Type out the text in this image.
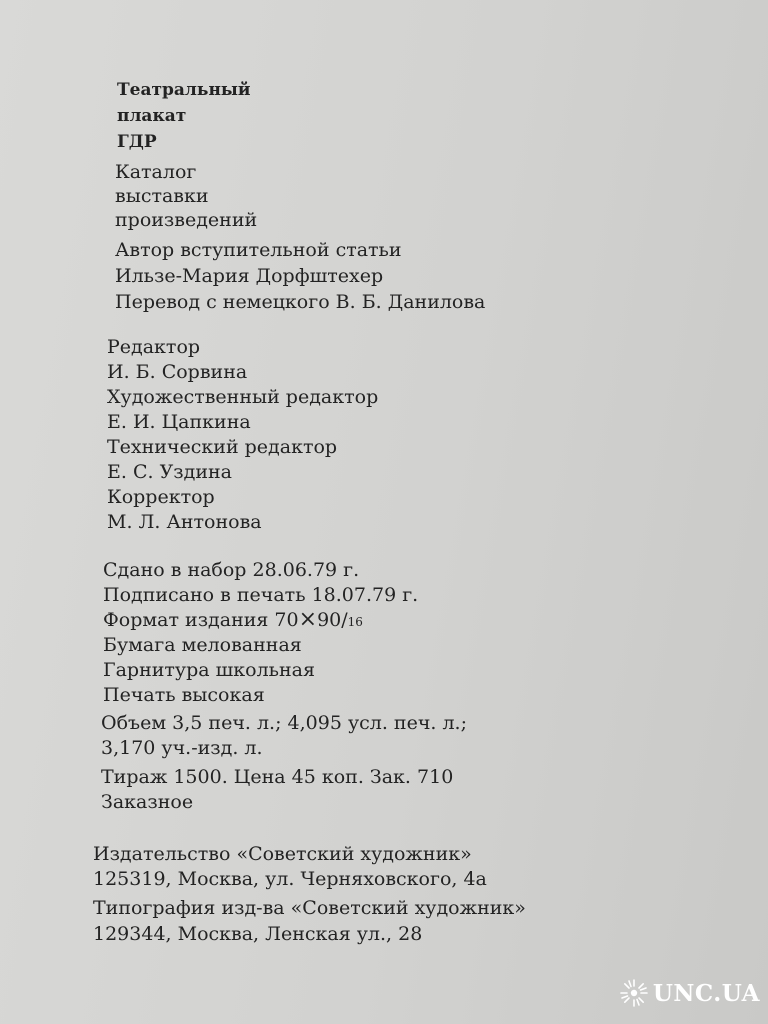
Театральный
плакат
ГДР
Каталог
выставки
произведений
Автор вступительной статьи
Ильзе-Мария Дорфштехер
Перевод с немецкого В. Б. Данилова
Редактор
И. Б. Сорвина
Художественный редактор
Е. И. Цапкина
Технический редактор
Е. С. Уздина
Корректор
М. Л. Антонова
Сдано в набор 28.06.79 г.
Подписано в печать 18.07.79 г.
Формат издания 70×90/16
Бумага мелованная
Гарнитура школьная
Печать высокая
Объем 3,5 печ. л.; 4,095 усл. печ. л.;
3,170 уч.-изд. л.
Тираж 1500. Цена 45 коп. Зак. 710
Заказное
Издательство «Советский художник»
125319, Москва, ул. Черняховского, 4а
Типография изд-ва «Советский художник»
129344, Москва, Ленская ул., 28
UNC.UA
